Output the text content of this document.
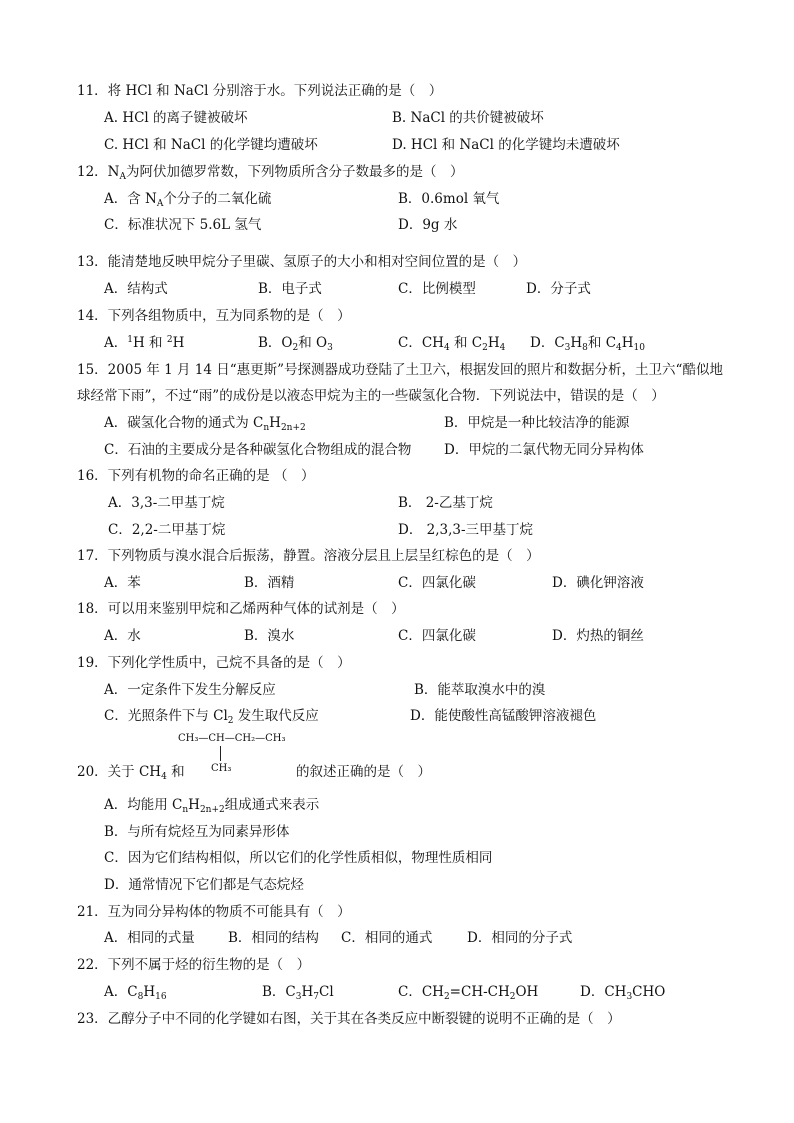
11．将 HCl 和 NaCl 分别溶于水。下列说法正确的是（　）
A. HCl 的离子键被破坏	B. NaCl 的共价键被破坏
C. HCl 和 NaCl 的化学键均遭破坏	D. HCl 和 NaCl 的化学键均未遭破坏
12．$N_A$为阿伏加德罗常数，下列物质所含分子数最多的是（　）
A．含 $N_A$个分子的二氧化硫	B．0.6mol 氧气
C．标准状况下 5.6L 氢气	D．9g 水
13．能清楚地反映甲烷分子里碳、氢原子的大小和相对空间位置的是（　）
A．结构式	B．电子式	C．比例模型	D．分子式
14．下列各组物质中，互为同系物的是（　）
A．$^1$H 和 $^2$H	B．$O_2$和 $O_3$	C．$CH_4$ 和 $C_2H_4$ D．$C_3H_8$和 $C_4H_{10}$
15．2005 年 1 月 14 日“惠更斯”号探测器成功登陆了土卫六，根据发回的照片和数据分析，土卫六“酷似地
球经常下雨”，不过“雨”的成份是以液态甲烷为主的一些碳氢化合物．下列说法中，错误的是（　）
A．碳氢化合物的通式为 $C_nH_{2n+2}$	B．甲烷是一种比较洁净的能源
C．石油的主要成分是各种碳氢化合物组成的混合物 D．甲烷的二氯代物无同分异构体
16．下列有机物的命名正确的是 （　）
A．3,3-二甲基丁烷	B． 2-乙基丁烷
C．2,2-二甲基丁烷	D． 2,3,3-三甲基丁烷
17．下列物质与溴水混合后振荡，静置。溶液分层且上层呈红棕色的是（　）
A．苯	B．酒精	C．四氯化碳	D．碘化钾溶液
18．可以用来鉴别甲烷和乙烯两种气体的试剂是（　）
A．水	B．溴水	C．四氯化碳	D．灼热的铜丝
19．下列化学性质中，己烷不具备的是（　）
A．一定条件下发生分解反应	B．能萃取溴水中的溴
C．光照条件下与 $Cl_2$ 发生取代反应	D．能使酸性高锰酸钾溶液褪色
CH₃—CH—CH₂—CH₃
CH₃
20．关于 $CH_4$ 和	的叙述正确的是（　）
A．均能用 $C_nH_{2n+2}$组成通式来表示
B．与所有烷烃互为同素异形体
C．因为它们结构相似，所以它们的化学性质相似，物理性质相同
D．通常情况下它们都是气态烷烃
21．互为同分异构体的物质不可能具有（　）
A．相同的式量 B．相同的结构 C．相同的通式	D．相同的分子式
22．下列不属于烃的衍生物的是（　）
A．$C_8H_{16}$	B．$C_3H_7Cl$	C．$CH_2=CH-CH_2OH$	D．$CH_3CHO$
23．乙醇分子中不同的化学键如右图，关于其在各类反应中断裂键的说明不正确的是（　）
